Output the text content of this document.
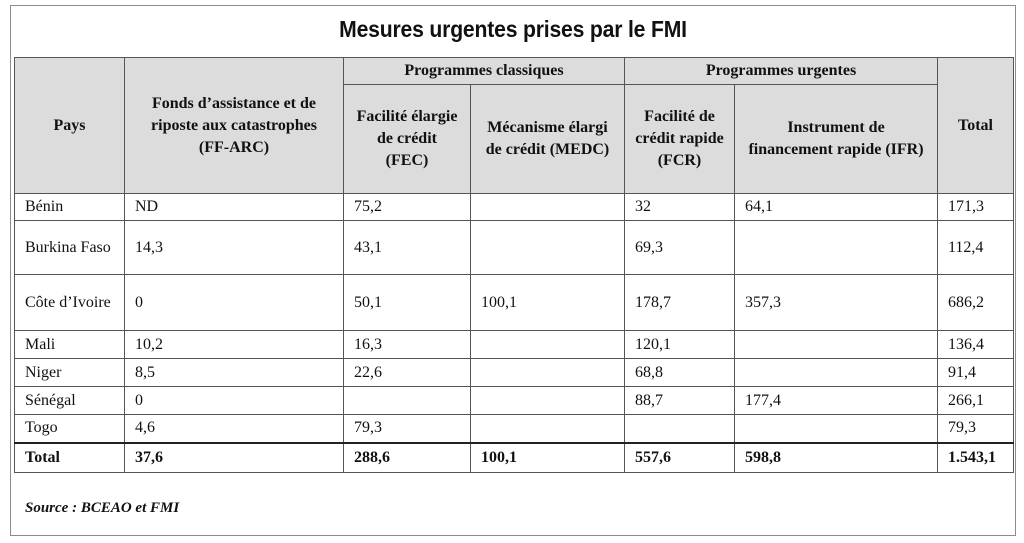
Mesures urgentes prises par le FMI
Pays	Fonds d’assistance et de riposte aux catastrophes (FF-ARC)	Programmes classiques		Programmes urgentes		Total
		Facilité élargie de crédit (FEC)	Mécanisme élargi de crédit (MEDC)	Facilité de crédit rapide (FCR)	Instrument de financement rapide (IFR)	
Bénin	ND	75,2		32	64,1	171,3
Burkina Faso	14,3	43,1		69,3		112,4
Côte d’Ivoire	0	50,1	100,1	178,7	357,3	686,2
Mali	10,2	16,3		120,1		136,4
Niger	8,5	22,6		68,8		91,4
Sénégal	0			88,7	177,4	266,1
Togo	4,6	79,3				79,3
Total	37,6	288,6	100,1	557,6	598,8	1.543,1
Source : BCEAO et FMI
